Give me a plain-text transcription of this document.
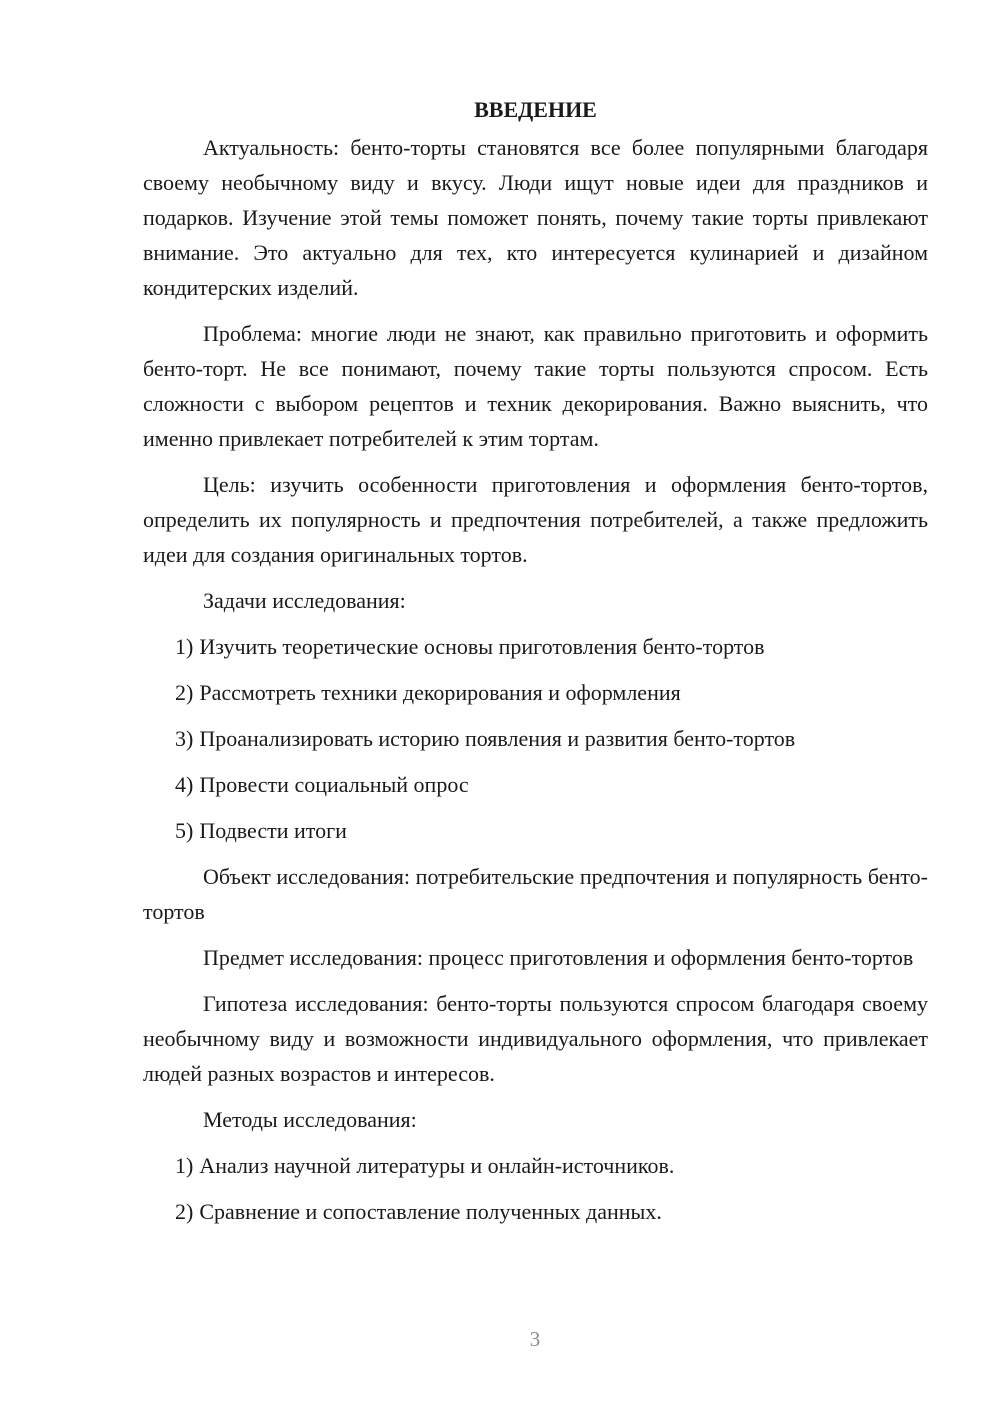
ВВЕДЕНИЕ

Актуальность: бенто-торты становятся все более популярными благодаря своему необычному виду и вкусу. Люди ищут новые идеи для праздников и подарков. Изучение этой темы поможет понять, почему такие торты привлекают внимание. Это актуально для тех, кто интересуется кулинарией и дизайном кондитерских изделий.

Проблема: многие люди не знают, как правильно приготовить и оформить бенто-торт. Не все понимают, почему такие торты пользуются спросом. Есть сложности с выбором рецептов и техник декорирования. Важно выяснить, что именно привлекает потребителей к этим тортам.

Цель: изучить особенности приготовления и оформления бенто-тортов, определить их популярность и предпочтения потребителей, а также предложить идеи для создания оригинальных тортов.

Задачи исследования:

1) Изучить теоретические основы приготовления бенто-тортов
2) Рассмотреть техники декорирования и оформления
3) Проанализировать историю появления и развития бенто-тортов
4) Провести социальный опрос
5) Подвести итоги

Объект исследования: потребительские предпочтения и популярность бенто-тортов

Предмет исследования: процесс приготовления и оформления бенто-тортов

Гипотеза исследования: бенто-торты пользуются спросом благодаря своему необычному виду и возможности индивидуального оформления, что привлекает людей разных возрастов и интересов.

Методы исследования:

1) Анализ научной литературы и онлайн-источников.
2) Сравнение и сопоставление полученных данных.
3
